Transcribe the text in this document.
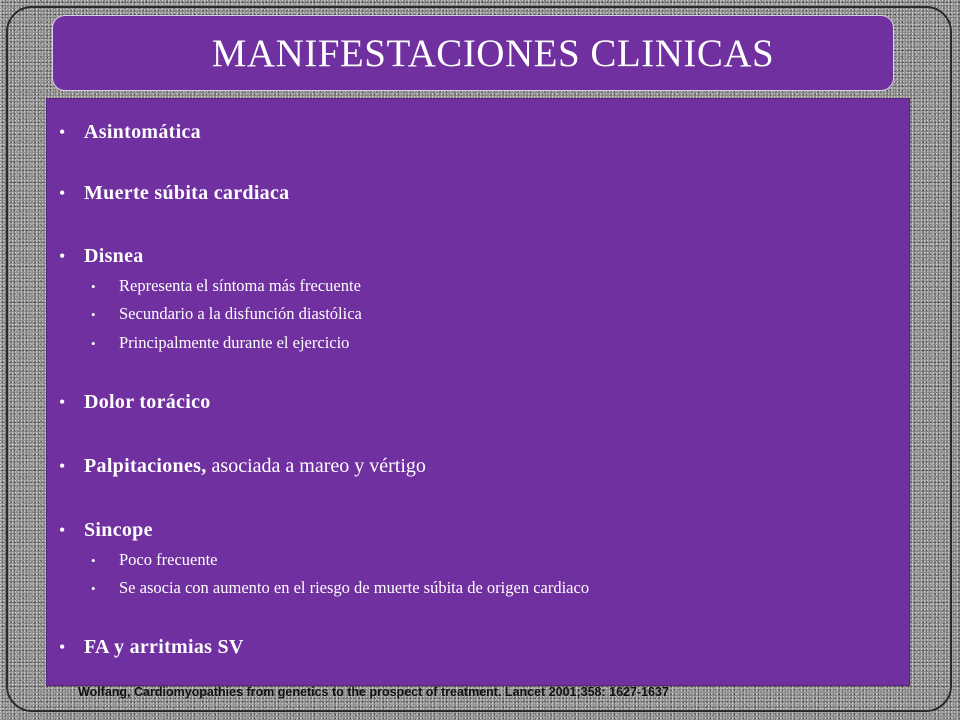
MANIFESTACIONES CLINICAS
• Asintomática
• Muerte súbita cardiaca
• Disnea
•	Representa el síntoma más frecuente
•	Secundario a la disfunción diastólica
•	Principalmente durante el ejercicio
• Dolor torácico
• Palpitaciones, asociada a mareo y vértigo
• Sincope
•	Poco frecuente
•	Se asocia con aumento en el riesgo de muerte súbita de origen cardiaco
• FA y arritmias SV
Wolfang, Cardiomyopathies from genetics to the prospect of treatment. Lancet 2001;358: 1627-1637
